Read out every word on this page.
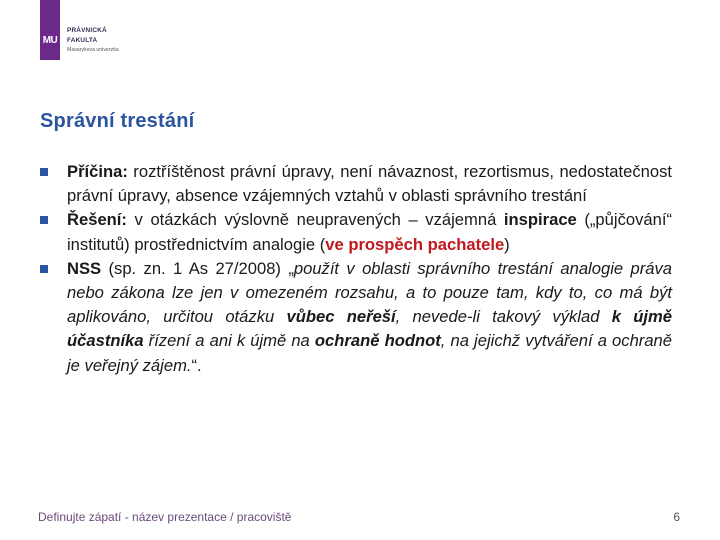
MU
PRÁVNICKÁ
FAKULTA
Masarykova univerzita
Správní trestání
Příčina: roztříštěnost právní úpravy, není návaznost, rezortismus, nedostatečnost právní úpravy, absence vzájemných vztahů v oblasti správního trestání
Řešení: v otázkách výslovně neupravených – vzájemná inspirace („půjčování“ institutů) prostřednictvím analogie (ve prospěch pachatele)
NSS (sp. zn. 1 As 27/2008) „použít v oblasti správního trestání analogie práva nebo zákona lze jen v omezeném rozsahu, a to pouze tam, kdy to, co má být aplikováno, určitou otázku vůbec neřeší, nevede-li takový výklad k újmě účastníka řízení a ani k újmě na ochraně hodnot, na jejichž vytváření a ochraně je veřejný zájem.“.
Definujte zápatí - název prezentace / pracoviště	6
